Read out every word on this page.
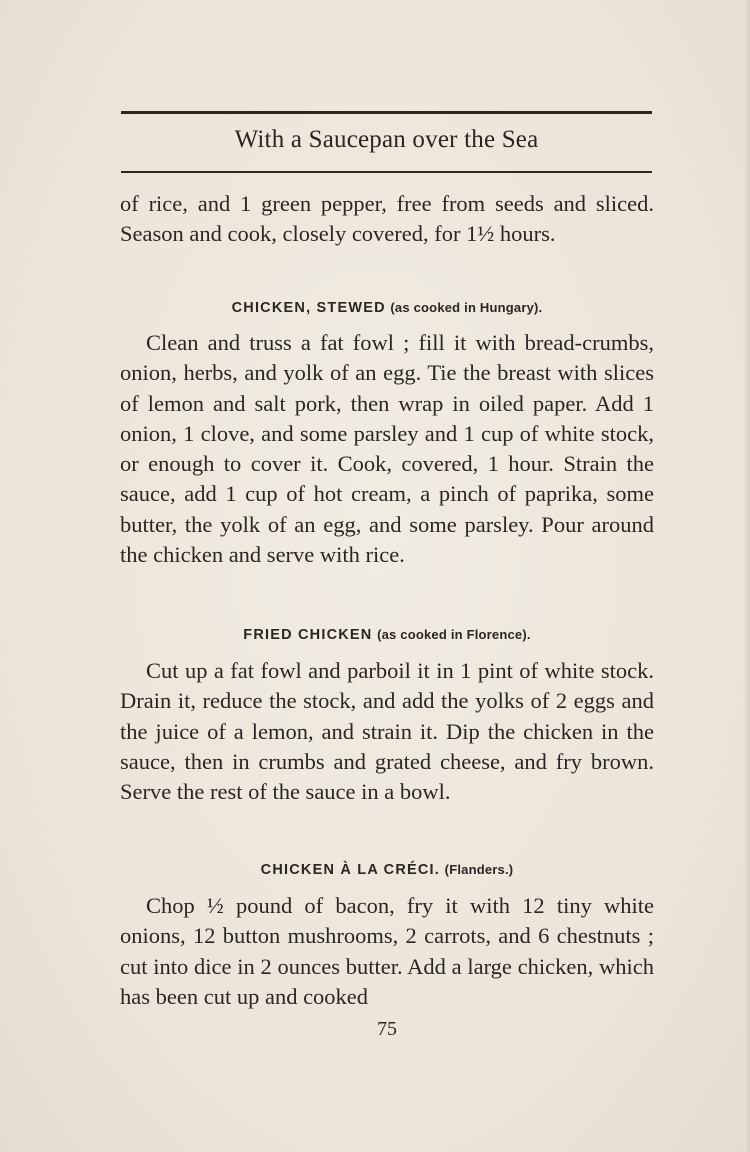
With a Saucepan over the Sea

of rice, and 1 green pepper, free from seeds and sliced. Season and cook, closely covered, for 1½ hours.

CHICKEN, STEWED (as cooked in Hungary).

Clean and truss a fat fowl ; fill it with bread-crumbs, onion, herbs, and yolk of an egg. Tie the breast with slices of lemon and salt pork, then wrap in oiled paper. Add 1 onion, 1 clove, and some parsley and 1 cup of white stock, or enough to cover it. Cook, covered, 1 hour. Strain the sauce, add 1 cup of hot cream, a pinch of paprika, some butter, the yolk of an egg, and some parsley. Pour around the chicken and serve with rice.

FRIED CHICKEN (as cooked in Florence).

Cut up a fat fowl and parboil it in 1 pint of white stock. Drain it, reduce the stock, and add the yolks of 2 eggs and the juice of a lemon, and strain it. Dip the chicken in the sauce, then in crumbs and grated cheese, and fry brown. Serve the rest of the sauce in a bowl.

CHICKEN À LA CRÉCI. (Flanders.)

Chop ½ pound of bacon, fry it with 12 tiny white onions, 12 button mushrooms, 2 carrots, and 6 chestnuts ; cut into dice in 2 ounces butter. Add a large chicken, which has been cut up and cooked

75
